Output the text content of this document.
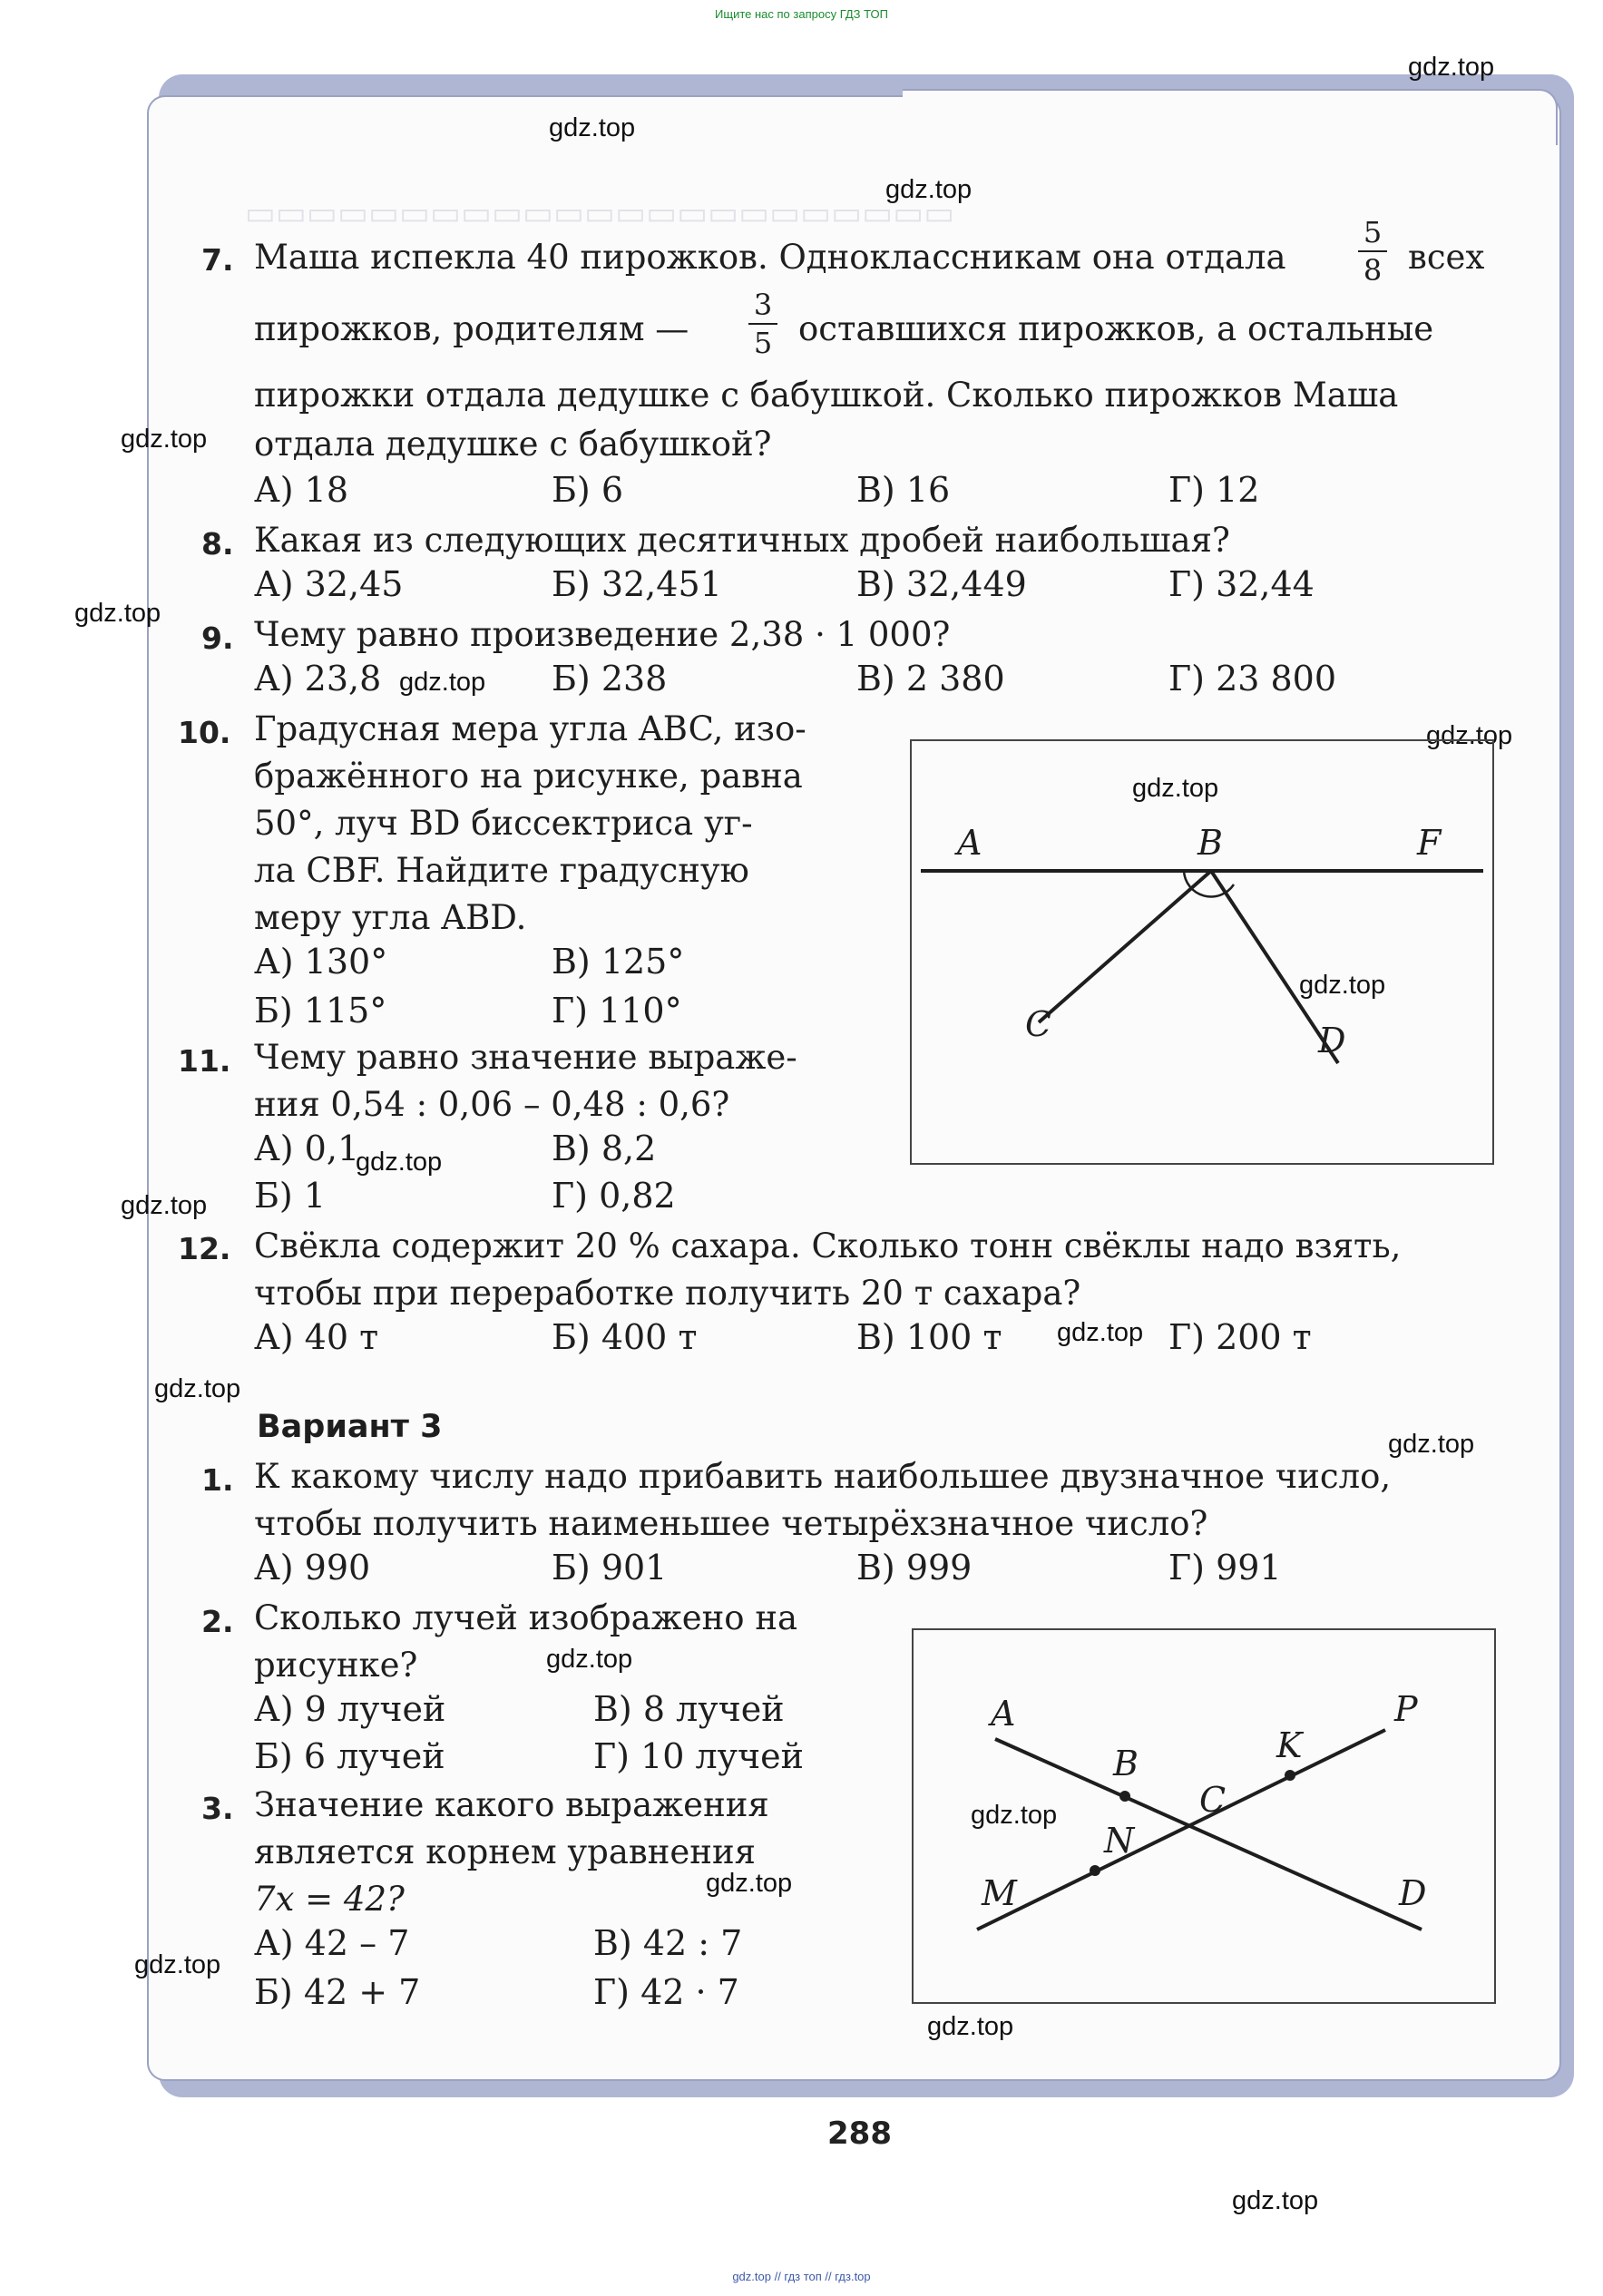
Ищите нас по запросу ГДЗ ТОП
▭▭▭▭▭▭▭▭▭▭▭▭▭▭▭▭▭▭▭▭▭▭▭
gdz.top
gdz.top
gdz.top
gdz.top
gdz.top
gdz.top
gdz.top
gdz.top
gdz.top
gdz.top
gdz.top
gdz.top
gdz.top
gdz.top
gdz.top
gdz.top
gdz.top
gdz.top
gdz.top
gdz.top
7. Маша испекла 40 пирожков. Одноклассникам она отдала
5
8 всех
пирожков, родителям —
3
5 оставшихся пирожков, а остальные
пирожки отдала дедушке с бабушкой. Сколько пирожков Маша
отдала дедушке с бабушкой?
А) 18	Б) 6	В) 16	Г) 12
8. Какая из следующих десятичных дробей наибольшая?
А) 32,45	Б) 32,451	В) 32,449	Г) 32,44
9. Чему равно произведение 2,38 · 1 000?
А) 23,8	Б) 238	В) 2 380	Г) 23 800
10. Градусная мера угла ABC, изо-
бражённого на рисунке, равна
50°, луч BD биссектриса уг-
ла CBF. Найдите градусную
меру угла ABD.
А) 130°	В) 125°
Б) 115°	Г) 110°
A	B	F
C	D
11. Чему равно значение выраже-
ния 0,54 : 0,06 – 0,48 : 0,6?
А) 0,1	В) 8,2
Б) 1	Г) 0,82
12. Свёкла содержит 20 % сахара. Сколько тонн свёклы надо взять,
чтобы при переработке получить 20 т сахара?
А) 40 т	Б) 400 т	В) 100 т	Г) 200 т
Вариант 3
1. К какому числу надо прибавить наибольшее двузначное число,
чтобы получить наименьшее четырёхзначное число?
А) 990	Б) 901	В) 999	Г) 991
2. Сколько лучей изображено на
рисунке?
А) 9 лучей	В) 8 лучей
Б) 6 лучей	Г) 10 лучей
A	P
B	K
C
N
M	D
3. Значение какого выражения
является корнем уравнения
7x = 42?
А) 42 – 7	В) 42 : 7
Б) 42 + 7	Г) 42 · 7
288
gdz.top // гдз топ // гдз.top
